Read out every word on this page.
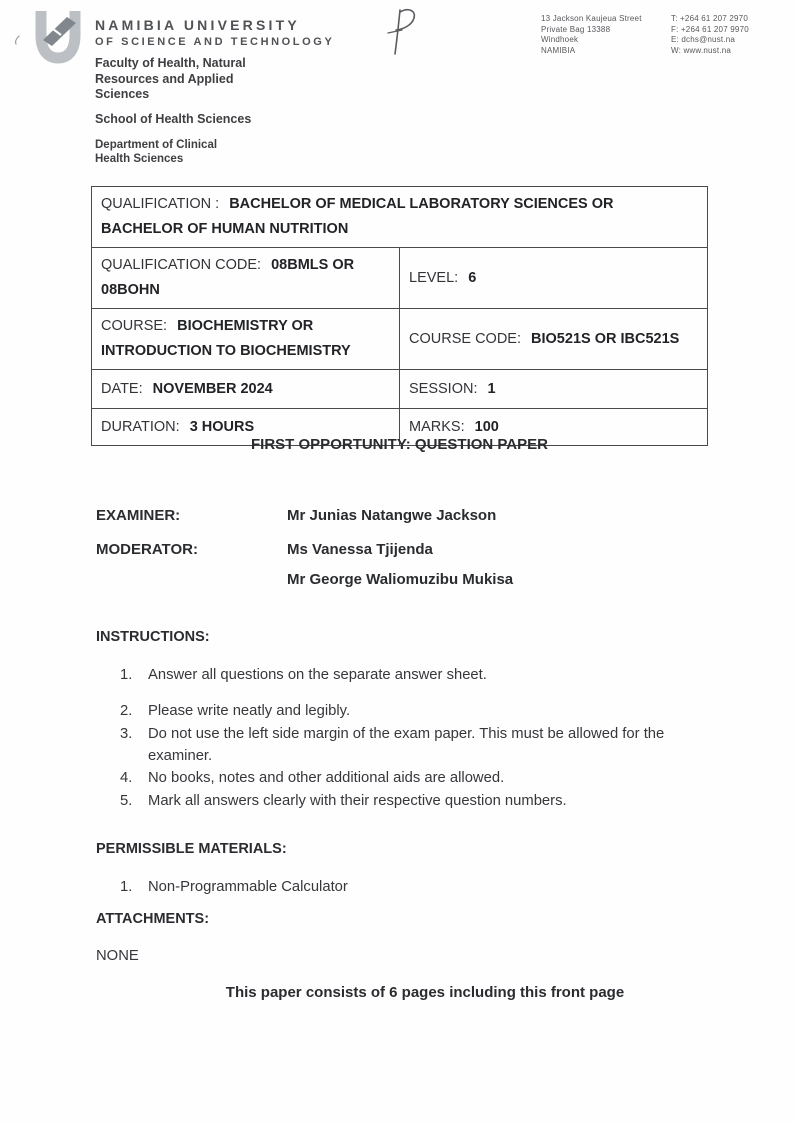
NAMIBIA UNIVERSITY
OF SCIENCE AND TECHNOLOGY
Faculty of Health, Natural Resources and Applied Sciences
School of Health Sciences
Department of Clinical Health Sciences
13 Jackson Kaujeua Street
Private Bag 13388
Windhoek
NAMIBIA
T: +264 61 207 2970
F: +264 61 207 9970
E: dchs@nust.na
W: www.nust.na
QUALIFICATION : BACHELOR OF MEDICAL LABORATORY SCIENCES OR BACHELOR OF HUMAN NUTRITION	
QUALIFICATION CODE: 08BMLS OR 08BOHN	LEVEL: 6
COURSE: BIOCHEMISTRY OR INTRODUCTION TO BIOCHEMISTRY	COURSE CODE: BIO521S OR IBC521S
DATE: NOVEMBER 2024	SESSION: 1
DURATION: 3 HOURS	MARKS: 100
FIRST OPPORTUNITY: QUESTION PAPER
EXAMINER:	Mr Junias Natangwe Jackson
MODERATOR:	Ms Vanessa Tjijenda
Mr George Waliomuzibu Mukisa
INSTRUCTIONS:
1.	Answer all questions on the separate answer sheet.
2.	Please write neatly and legibly.
3.	Do not use the left side margin of the exam paper. This must be allowed for the examiner.
4.	No books, notes and other additional aids are allowed.
5.	Mark all answers clearly with their respective question numbers.
PERMISSIBLE MATERIALS:
1.	Non-Programmable Calculator
ATTACHMENTS:
NONE
This paper consists of 6 pages including this front page
